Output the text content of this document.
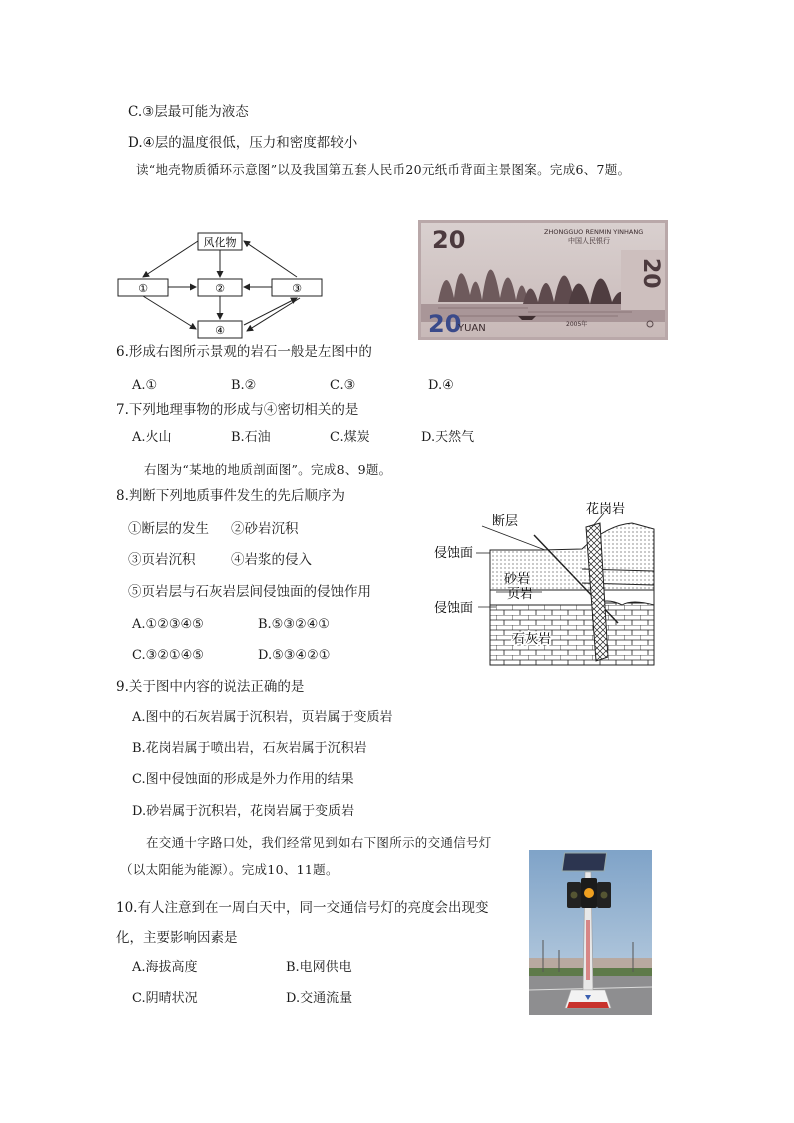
C.③层最可能为液态
D.④层的温度很低，压力和密度都较小
读“地壳物质循环示意图”以及我国第五套人民币20元纸币背面主景图案。完成6、7题。
风化物
①	②	③
④
20	ZHONGGUO RENMIN YINHANG
中国人民银行
20
20
YUAN	2005年
6.形成右图所示景观的岩石一般是左图中的
A.①	B.②	C.③	D.④
7.下列地理事物的形成与④密切相关的是
A.火山	B.石油	C.煤炭	D.天然气
右图为“某地的地质剖面图”。完成8、9题。
8.判断下列地质事件发生的先后顺序为
①断层的发生 ②砂岩沉积
③页岩沉积	④岩浆的侵入
⑤页岩层与石灰岩层间侵蚀面的侵蚀作用
A.①②③④⑤	B.⑤③②④①
C.③②①④⑤	D.⑤③④②①
断层
花岗岩
侵蚀面
砂岩
页岩
侵蚀面
石灰岩
9.关于图中内容的说法正确的是
A.图中的石灰岩属于沉积岩，页岩属于变质岩
B.花岗岩属于喷出岩，石灰岩属于沉积岩
C.图中侵蚀面的形成是外力作用的结果
D.砂岩属于沉积岩，花岗岩属于变质岩
在交通十字路口处，我们经常见到如右下图所示的交通信号灯
（以太阳能为能源）。完成10、11题。
10.有人注意到在一周白天中，同一交通信号灯的亮度会出现变
化，主要影响因素是
A.海拔高度	B.电网供电
C.阴晴状况	D.交通流量
